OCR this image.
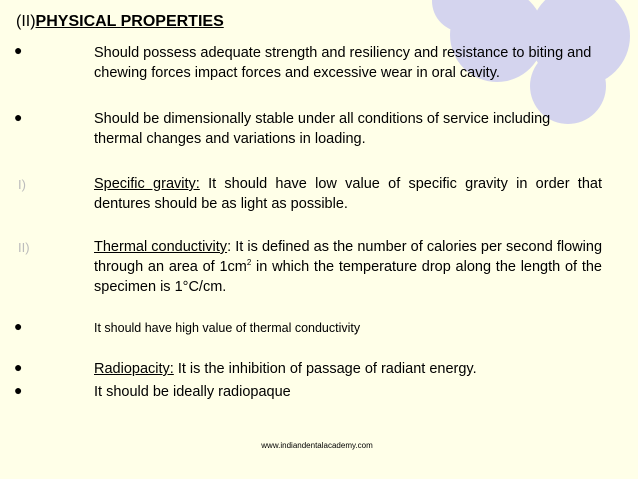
(II)PHYSICAL PROPERTIES
●	Should possess adequate strength and resiliency and resistance to biting and chewing forces impact forces and excessive wear in oral cavity.
●	Should be dimensionally stable under all conditions of service including thermal changes and variations in loading.
I)	Specific gravity: It should have low value of specific gravity in order that dentures should be as light as possible.
II)	Thermal conductivity: It is defined as the number of calories per second flowing through an area of $1cm^2$ in which the temperature drop along the length of the specimen is 1°C/cm.
●	It should have high value of thermal conductivity
●	Radiopacity: It is the inhibition of passage of radiant energy.
●	It should be ideally radiopaque
www.indiandentalacademy.com
